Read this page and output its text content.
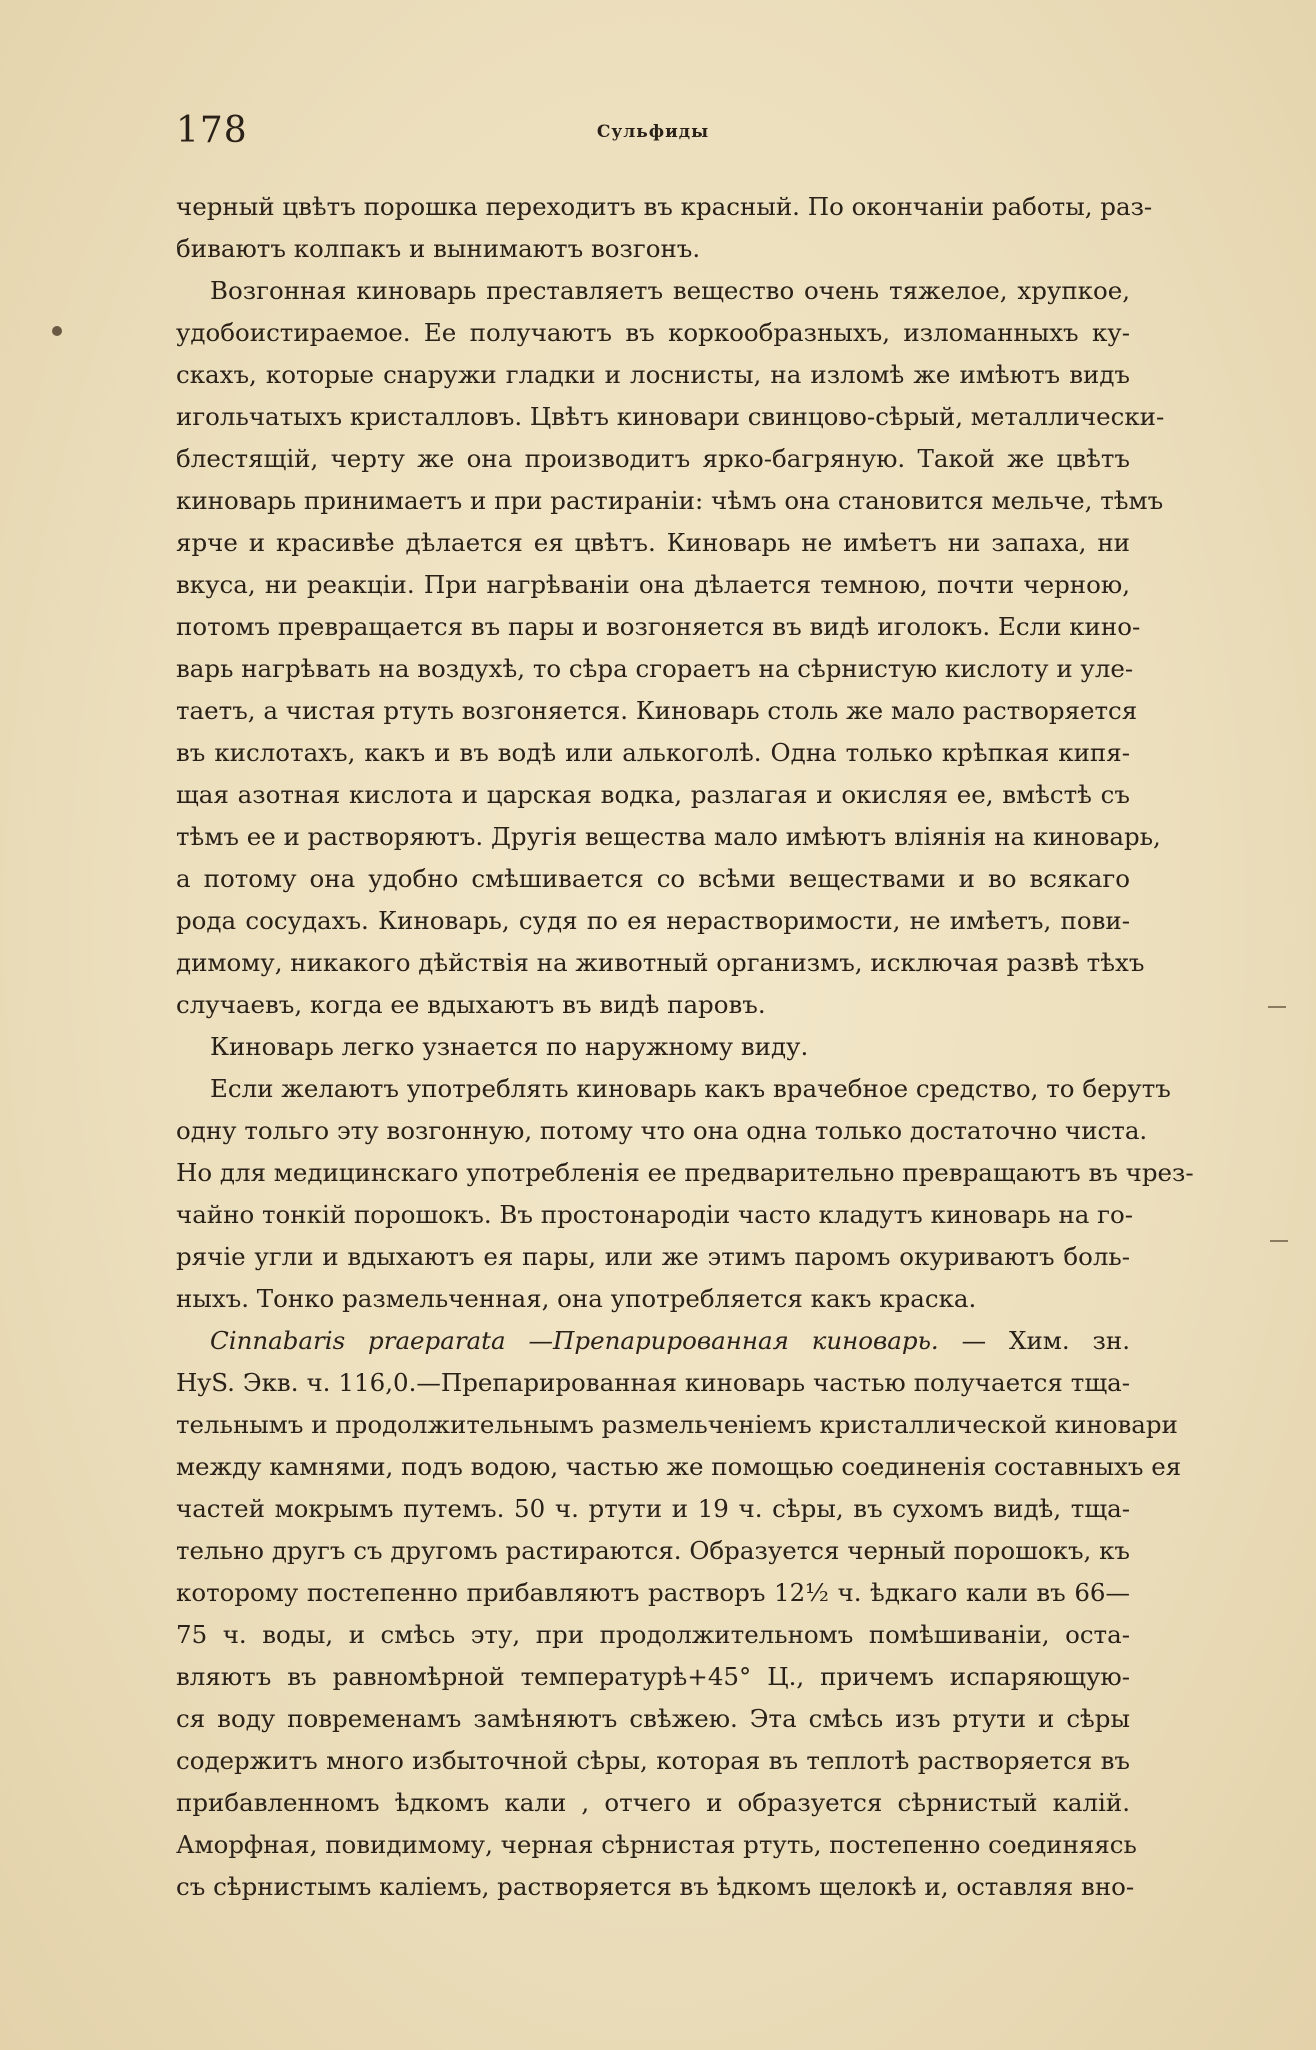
178	Сульфиды
черный цвѣтъ порошка переходитъ въ красный. По окончаніи работы, раз-
биваютъ колпакъ и вынимаютъ возгонъ.
Возгонная киноварь преставляетъ вещество очень тяжелое, хрупкое,
удобоистираемое. Ее получаютъ въ коркообразныхъ, изломанныхъ ку-
скахъ, которые снаружи гладки и лоснисты, на изломѣ же имѣютъ видъ
игольчатыхъ кристалловъ. Цвѣтъ киновари свинцово-сѣрый, металлически-
блестящій, черту же она производитъ ярко-багряную. Такой же цвѣтъ
киноварь принимаетъ и при растираніи: чѣмъ она становится мельче, тѣмъ
ярче и красивѣе дѣлается ея цвѣтъ. Киноварь не имѣетъ ни запаха, ни
вкуса, ни реакціи. При нагрѣваніи она дѣлается темною, почти черною,
потомъ превращается въ пары и возгоняется въ видѣ иголокъ. Если кино-
варь нагрѣвать на воздухѣ, то сѣра сгораетъ на сѣрнистую кислоту и уле-
таетъ, а чистая ртуть возгоняется. Киноварь столь же мало растворяется
въ кислотахъ, какъ и въ водѣ или алькоголѣ. Одна только крѣпкая кипя-
щая азотная кислота и царская водка, разлагая и окисляя ее, вмѣстѣ съ
тѣмъ ее и растворяютъ. Другія вещества мало имѣютъ вліянія на киноварь,
а потому она удобно смѣшивается со всѣми веществами и во всякаго
рода сосудахъ. Киноварь, судя по ея нерастворимости, не имѣетъ, пови-
димому, никакого дѣйствія на животный организмъ, исключая развѣ тѣхъ
случаевъ, когда ее вдыхаютъ въ видѣ паровъ.
Киноварь легко узнается по наружному виду.
Если желаютъ употреблять киноварь какъ врачебное средство, то берутъ
одну тольго эту возгонную, потому что она одна только достаточно чиста.
Но для медицинскаго употребленія ее предварительно превращаютъ въ чрез-
чайно тонкій порошокъ. Въ простонародіи часто кладутъ киноварь на го-
рячіе угли и вдыхаютъ ея пары, или же этимъ паромъ окуриваютъ боль-
ныхъ. Тонко размельченная, она употребляется какъ краска.
Cinnabaris praeparata —Препарированная киноварь. — Хим. зн.
HyS. Экв. ч. 116,0.—Препарированная киноварь частью получается тща-
тельнымъ и продолжительнымъ размельченіемъ кристаллической киновари
между камнями, подъ водою, частью же помощью соединенія составныхъ ея
частей мокрымъ путемъ. 50 ч. ртути и 19 ч. сѣры, въ сухомъ видѣ, тща-
тельно другъ съ другомъ растираются. Образуется черный порошокъ, къ
которому постепенно прибавляютъ растворъ 12½ ч. ѣдкаго кали въ 66—
75 ч. воды, и смѣсь эту, при продолжительномъ помѣшиваніи, оста-
вляютъ въ равномѣрной температурѣ+45° Ц., причемъ испаряющую-
ся воду повременамъ замѣняютъ свѣжею. Эта смѣсь изъ ртути и сѣры
содержитъ много избыточной сѣры, которая въ теплотѣ растворяется въ
прибавленномъ ѣдкомъ кали , отчего и образуется сѣрнистый калій.
Аморфная, повидимому, черная сѣрнистая ртуть, постепенно соединяясь
съ сѣрнистымъ каліемъ, растворяется въ ѣдкомъ щелокѣ и, оставляя вно-
